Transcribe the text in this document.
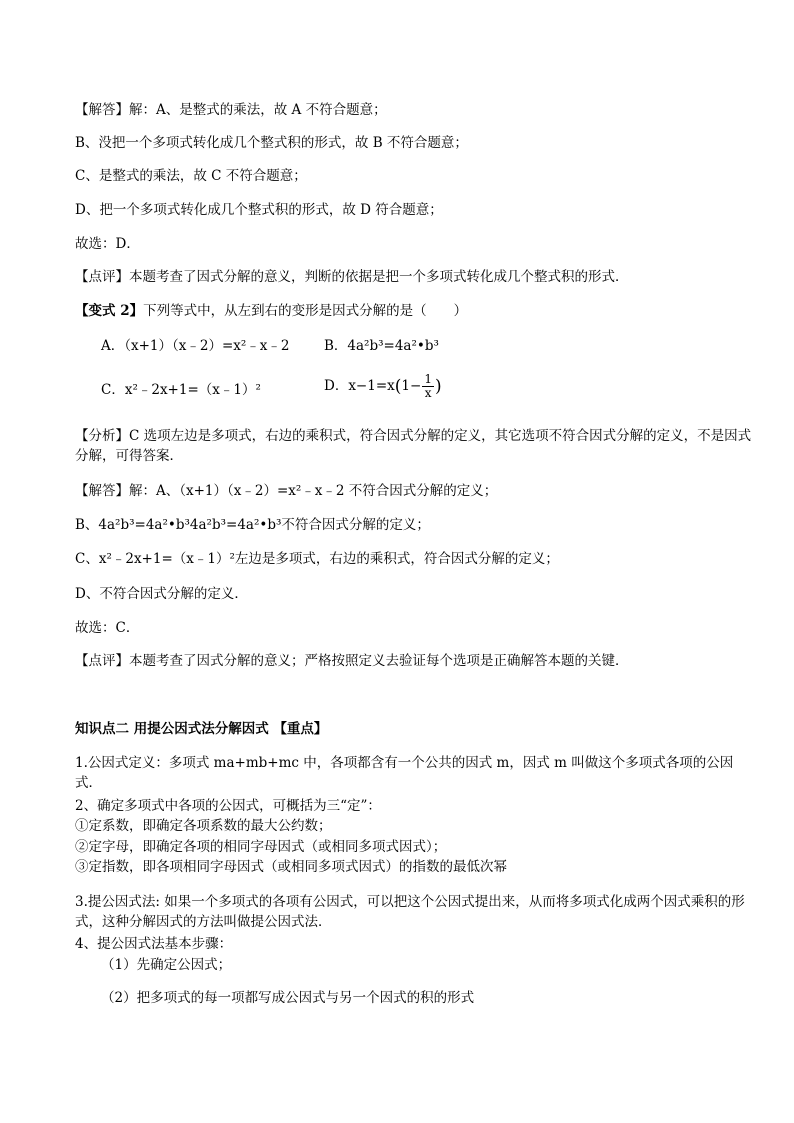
【解答】解：A、是整式的乘法，故 A 不符合题意；
B、没把一个多项式转化成几个整式积的形式，故 B 不符合题意；
C、是整式的乘法，故 C 不符合题意；
D、把一个多项式转化成几个整式积的形式，故 D 符合题意；
故选：D．
【点评】本题考查了因式分解的意义，判断的依据是把一个多项式转化成几个整式积的形式．
【变式 2】下列等式中，从左到右的变形是因式分解的是（　　）
A．（x+1）（x﹣2）=x²﹣x﹣2	B．4a²b³=4a²•b³
C．x²﹣2x+1=（x﹣1）²	D．$x-1=x(1- \frac{1}{x}$ )
【分析】C 选项左边是多项式，右边的乘积式，符合因式分解的定义，其它选项不符合因式分解的定义，不是因式分解，可得答案．
【解答】解：A、（x+1）（x﹣2）=x²﹣x﹣2 不符合因式分解的定义；
B、4a²b³=4a²•b³4a²b³=4a²•b³不符合因式分解的定义；
C、x²﹣2x+1=（x﹣1）²左边是多项式，右边的乘积式，符合因式分解的定义；
D、不符合因式分解的定义．
故选：C．
【点评】本题考查了因式分解的意义；严格按照定义去验证每个选项是正确解答本题的关键．
知识点二 用提公因式法分解因式 【重点】
1.公因式定义：多项式 ma+mb+mc 中，各项都含有一个公共的因式 m，因式 m 叫做这个多项式各项的公因式．
2、确定多项式中各项的公因式，可概括为三“定”：
①定系数，即确定各项系数的最大公约数；
②定字母，即确定各项的相同字母因式（或相同多项式因式）；
③定指数，即各项相同字母因式（或相同多项式因式）的指数的最低次幂
3.提公因式法: 如果一个多项式的各项有公因式，可以把这个公因式提出来，从而将多项式化成两个因式乘积的形式，这种分解因式的方法叫做提公因式法．
4、提公因式法基本步骤：
（1）先确定公因式；
（2）把多项式的每一项都写成公因式与另一个因式的积的形式
